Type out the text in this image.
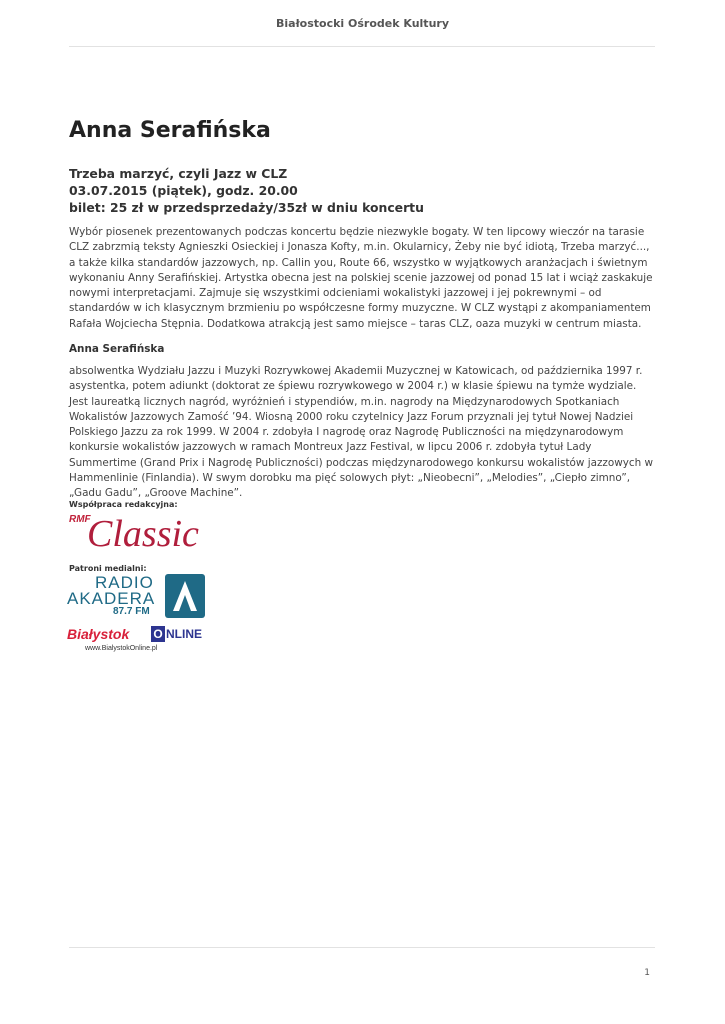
Białostocki Ośrodek Kultury
Anna Serafińska
Trzeba marzyć, czyli Jazz w CLZ
03.07.2015 (piątek), godz. 20.00
bilet: 25 zł w przedsprzedaży/35zł w dniu koncertu

Wybór piosenek prezentowanych podczas koncertu będzie niezwykle bogaty. W ten lipcowy wieczór na tarasie CLZ zabrzmią teksty Agnieszki Osieckiej i Jonasza Kofty, m.in. Okularnicy, Żeby nie być idiotą, Trzeba marzyć..., a także kilka standardów jazzowych, np. Callin you, Route 66, wszystko w wyjątkowych aranżacjach i świetnym wykonaniu Anny Serafińskiej. Artystka obecna jest na polskiej scenie jazzowej od ponad 15 lat i wciąż zaskakuje nowymi interpretacjami. Zajmuje się wszystkimi odcieniami wokalistyki jazzowej i jej pokrewnymi – od standardów w ich klasycznym brzmieniu po współczesne formy muzyczne. W CLZ wystąpi z akompaniamentem Rafała Wojciecha Stępnia. Dodatkowa atrakcją jest samo miejsce – taras CLZ, oaza muzyki w centrum miasta.

Anna Serafińska

absolwentka Wydziału Jazzu i Muzyki Rozrywkowej Akademii Muzycznej w Katowicach, od października 1997 r. asystentka, potem adiunkt (doktorat ze śpiewu rozrywkowego w 2004 r.) w klasie śpiewu na tymże wydziale. Jest laureatką licznych nagród, wyróżnień i stypendiów, m.in. nagrody na Międzynarodowych Spotkaniach Wokalistów Jazzowych Zamość ’94. Wiosną 2000 roku czytelnicy Jazz Forum przyznali jej tytuł Nowej Nadziei Polskiego Jazzu za rok 1999. W 2004 r. zdobyła I nagrodę oraz Nagrodę Publiczności na międzynarodowym konkursie wokalistów jazzowych w ramach Montreux Jazz Festival, w lipcu 2006 r. zdobyła tytuł Lady Summertime (Grand Prix i Nagrodę Publiczności) podczas międzynarodowego konkursu wokalistów jazzowych w Hammenlinie (Finlandia). W swym dorobku ma pięć solowych płyt: „Nieobecni”, „Melodies”, „Ciepło zimno”, „Gadu Gadu”, „Groove Machine”.

Współpraca redakcyjna:
RMF
Classic
Patroni medialni:
RADIO
AKADERA
87.7 FM
Białystok O NLINE
www.BialystokOnline.pl
1
